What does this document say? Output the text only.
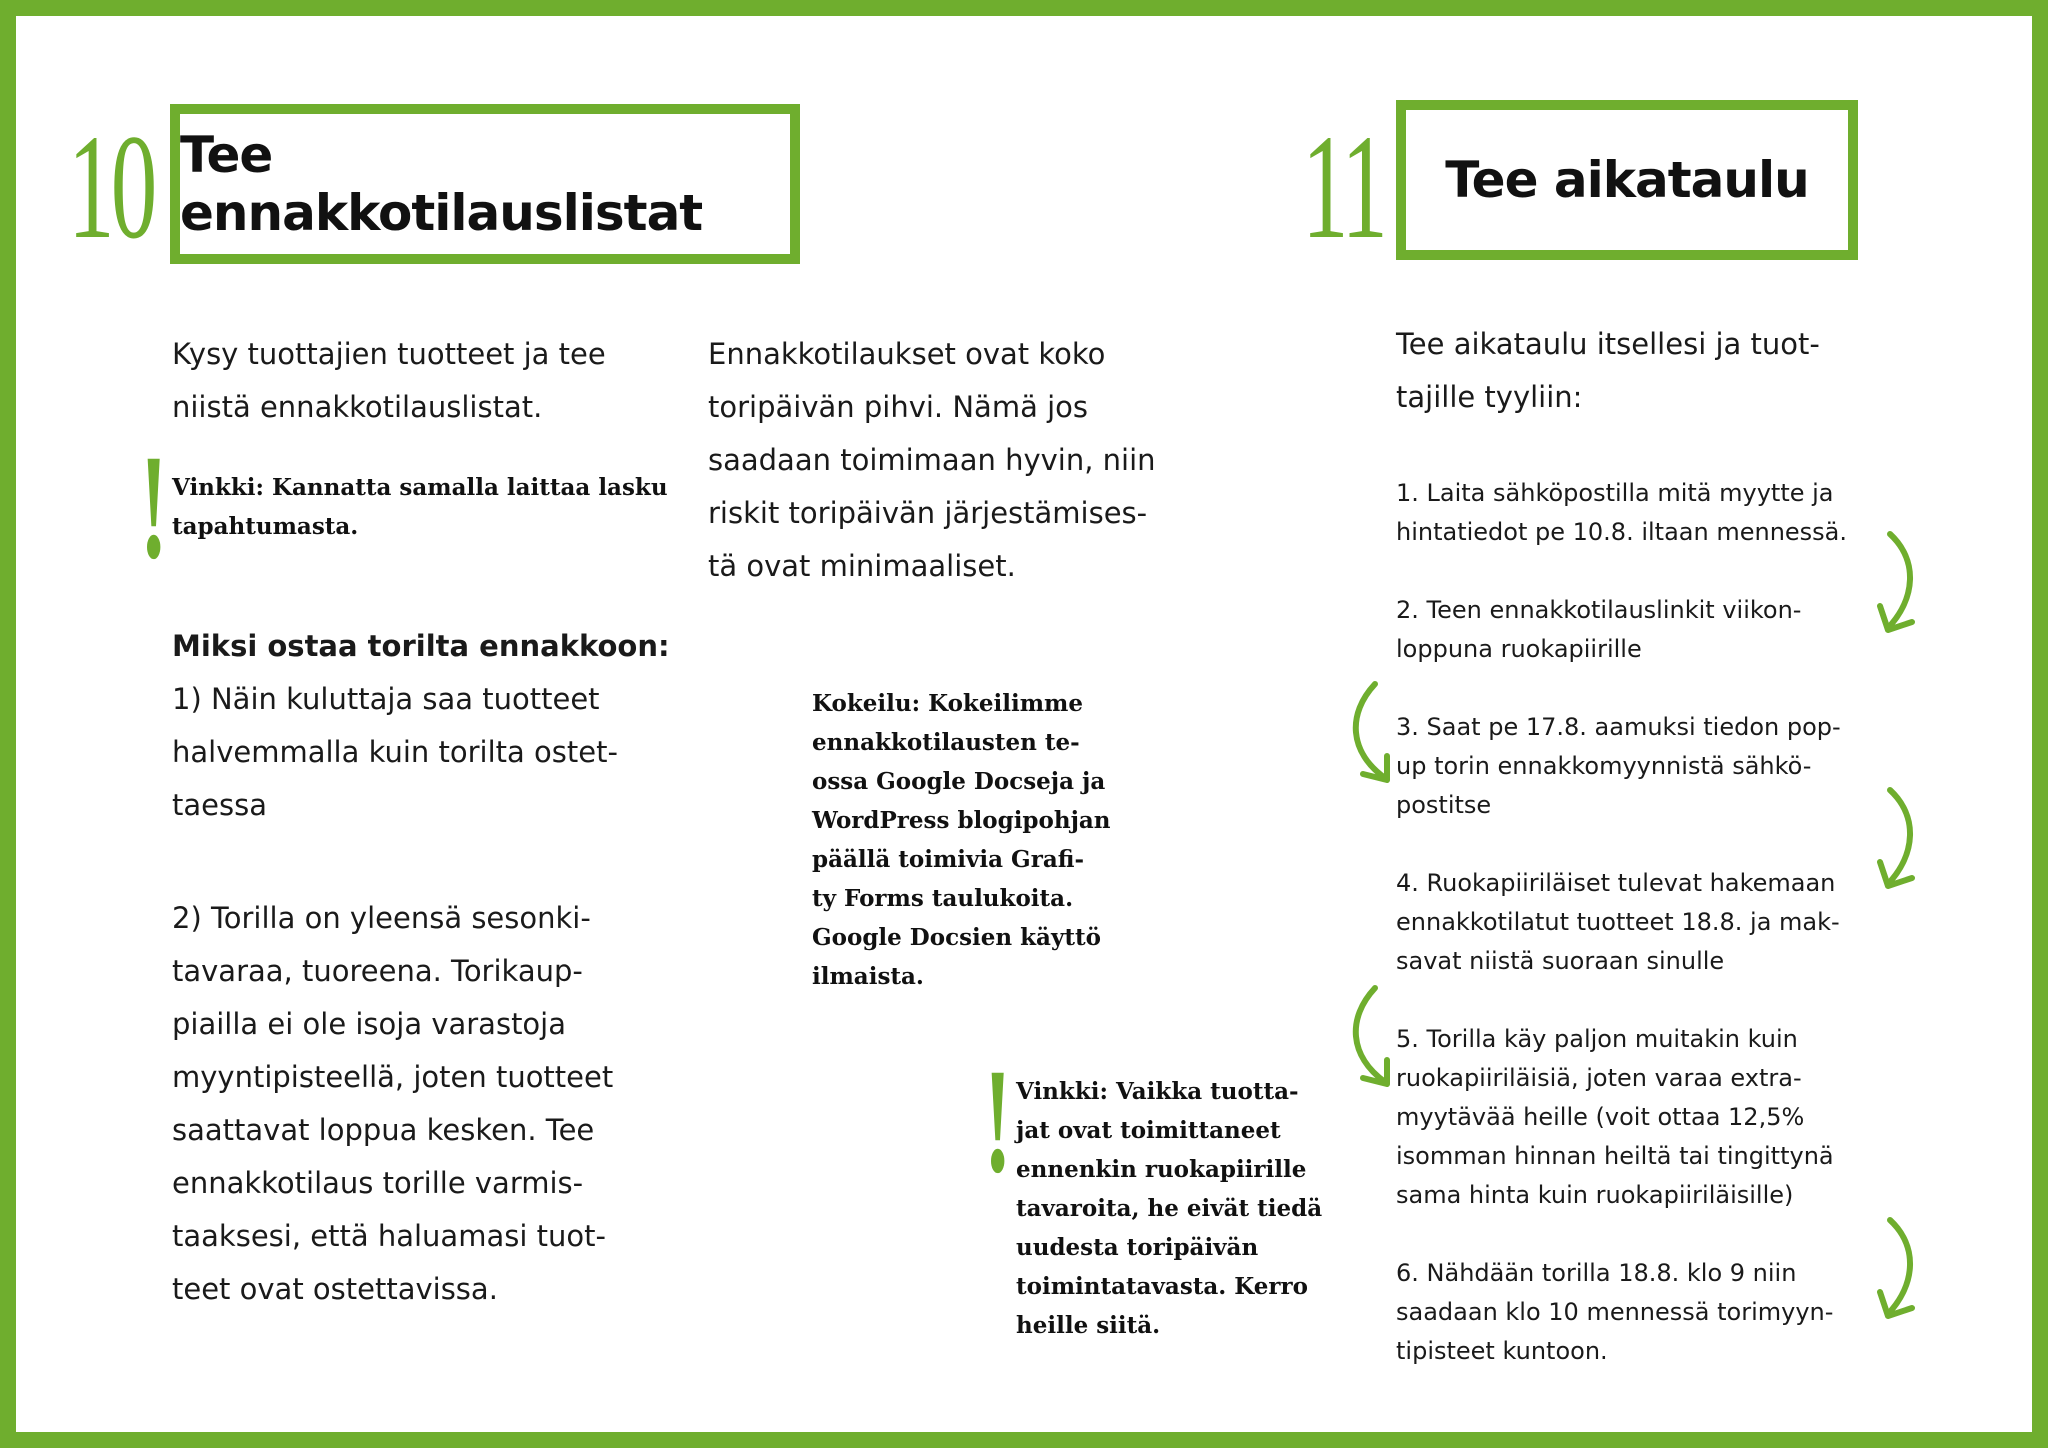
10 Tee ennakkotilauslistat
Kysy tuottajien tuotteet ja tee
niistä ennakkotilauslistat.
! Vinkki: Kannatta samalla laittaa lasku
tapahtumasta.
Miksi ostaa torilta ennakkoon:
1) Näin kuluttaja saa tuotteet
halvemmalla kuin torilta ostet-
taessa
2) Torilla on yleensä sesonki-
tavaraa, tuoreena. Torikaup-
piailla ei ole isoja varastoja
myyntipisteellä, joten tuotteet
saattavat loppua kesken. Tee
ennakkotilaus torille varmis-
taaksesi, että haluamasi tuot-
teet ovat ostettavissa.
Ennakkotilaukset ovat koko
toripäivän pihvi. Nämä jos
saadaan toimimaan hyvin, niin
riskit toripäivän järjestämises-
tä ovat minimaaliset.
Kokeilu: Kokeilimme
ennakkotilausten te-
ossa Google Docseja ja
WordPress blogipohjan
päällä toimivia Grafi-
ty Forms taulukoita.
Google Docsien käyttö
ilmaista.
! Vinkki: Vaikka tuotta-
jat ovat toimittaneet
ennenkin ruokapiirille
tavaroita, he eivät tiedä
uudesta toripäivän
toimintatavasta. Kerro
heille siitä.
11 Tee aikataulu
Tee aikataulu itsellesi ja tuot-
tajille tyyliin:
1. Laita sähköpostilla mitä myytte ja
hintatiedot pe 10.8. iltaan mennessä.
2. Teen ennakkotilauslinkit viikon-
loppuna ruokapiirille
3. Saat pe 17.8. aamuksi tiedon pop-
up torin ennakkomyynnistä sähkö-
postitse
4. Ruokapiiriläiset tulevat hakemaan
ennakkotilatut tuotteet 18.8. ja mak-
savat niistä suoraan sinulle
5. Torilla käy paljon muitakin kuin
ruokapiiriläisiä, joten varaa extra-
myytävää heille (voit ottaa 12,5%
isomman hinnan heiltä tai tingittynä
sama hinta kuin ruokapiiriläisille)
6. Nähdään torilla 18.8. klo 9 niin
saadaan klo 10 mennessä torimyyn-
tipisteet kuntoon.
